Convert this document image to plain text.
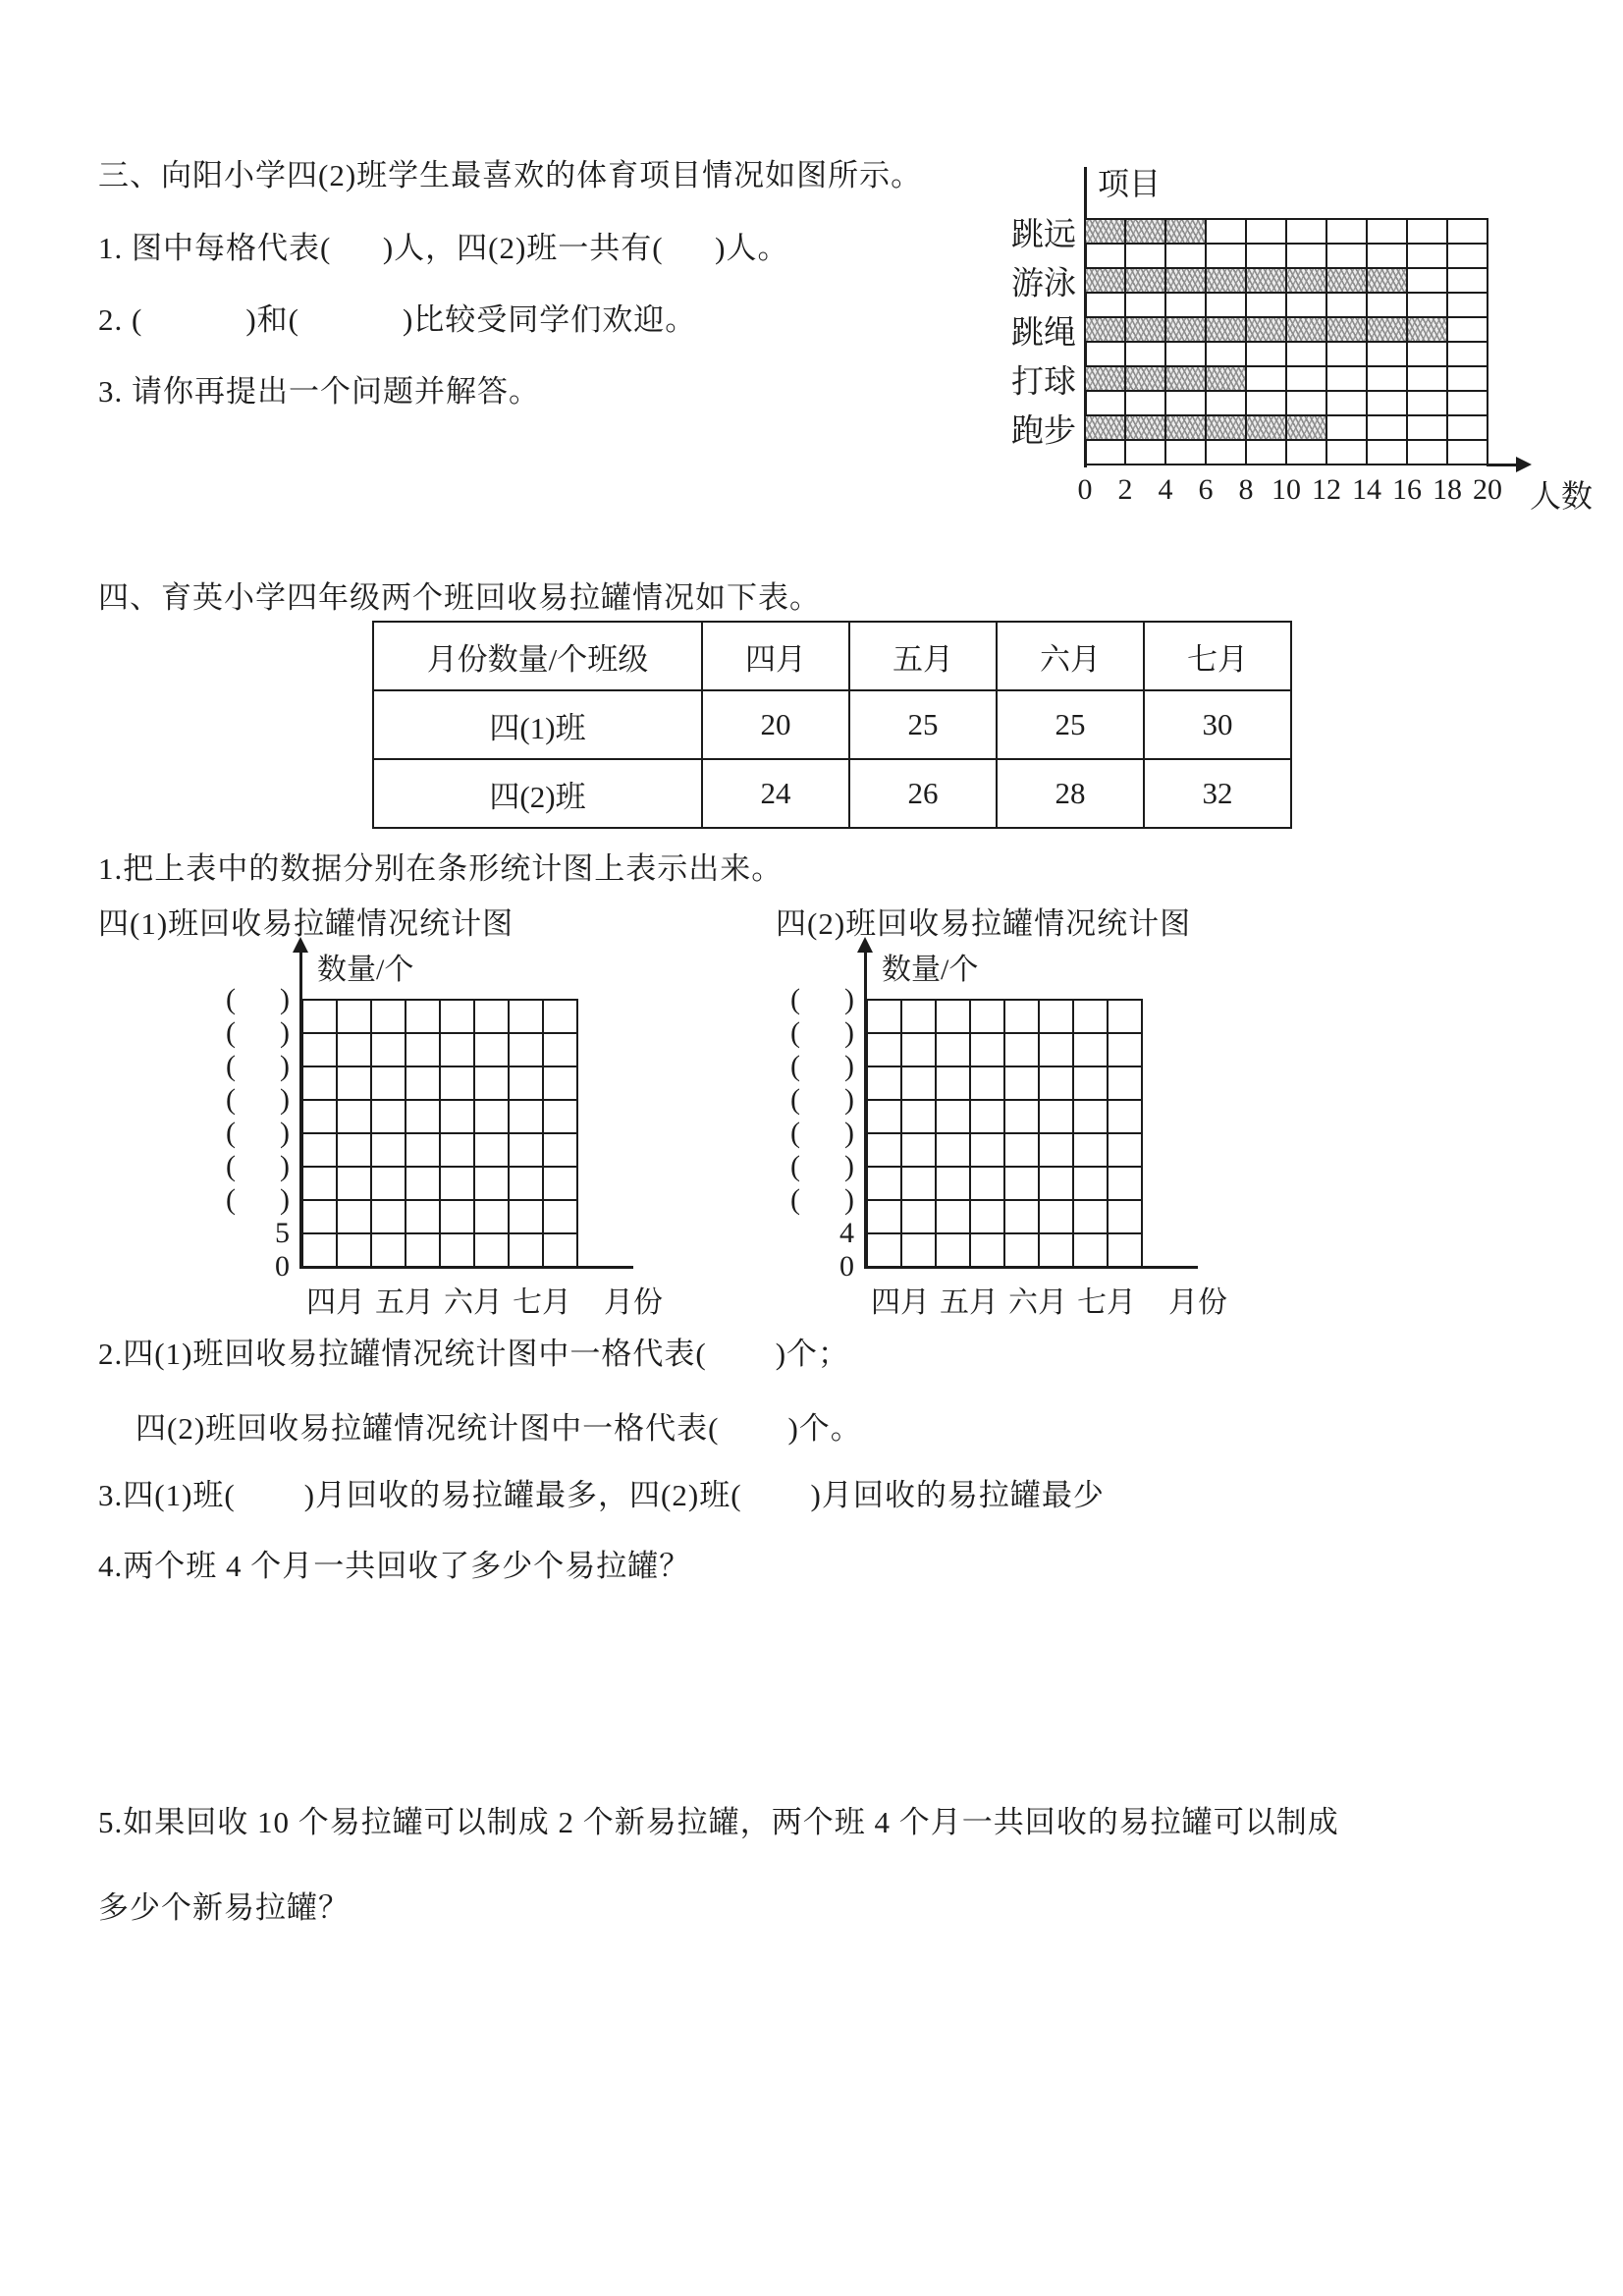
三、向阳小学四(2)班学生最喜欢的体育项目情况如图所示。
1. 图中每格代表(      )人，四(2)班一共有(      )人。
2. (            )和(            )比较受同学们欢迎。
3. 请你再提出一个问题并解答。
项目
人数
跳远
游泳
跳绳
打球
跑步
0 2 4 6 8 10 12 14 16 18 20
四、育英小学四年级两个班回收易拉罐情况如下表。
月份数量/个班级	四月	五月	六月	七月
四(1)班	20	25	25	30
四(2)班	24	26	28	32
1.把上表中的数据分别在条形统计图上表示出来。
四(1)班回收易拉罐情况统计图	四(2)班回收易拉罐情况统计图
数量/个
0
5
(      )
(      )
(      )
(      )
(      )
(      )
(      )
四月 五月 六月 七月 月份
数量/个
0
4
(      )
(      )
(      )
(      )
(      )
(      )
(      )
四月 五月 六月 七月 月份
2.四(1)班回收易拉罐情况统计图中一格代表(        )个；
四(2)班回收易拉罐情况统计图中一格代表(        )个。
3.四(1)班(        )月回收的易拉罐最多，四(2)班(        )月回收的易拉罐最少
4.两个班 4 个月一共回收了多少个易拉罐？
5.如果回收 10 个易拉罐可以制成 2 个新易拉罐，两个班 4 个月一共回收的易拉罐可以制成
多少个新易拉罐？
